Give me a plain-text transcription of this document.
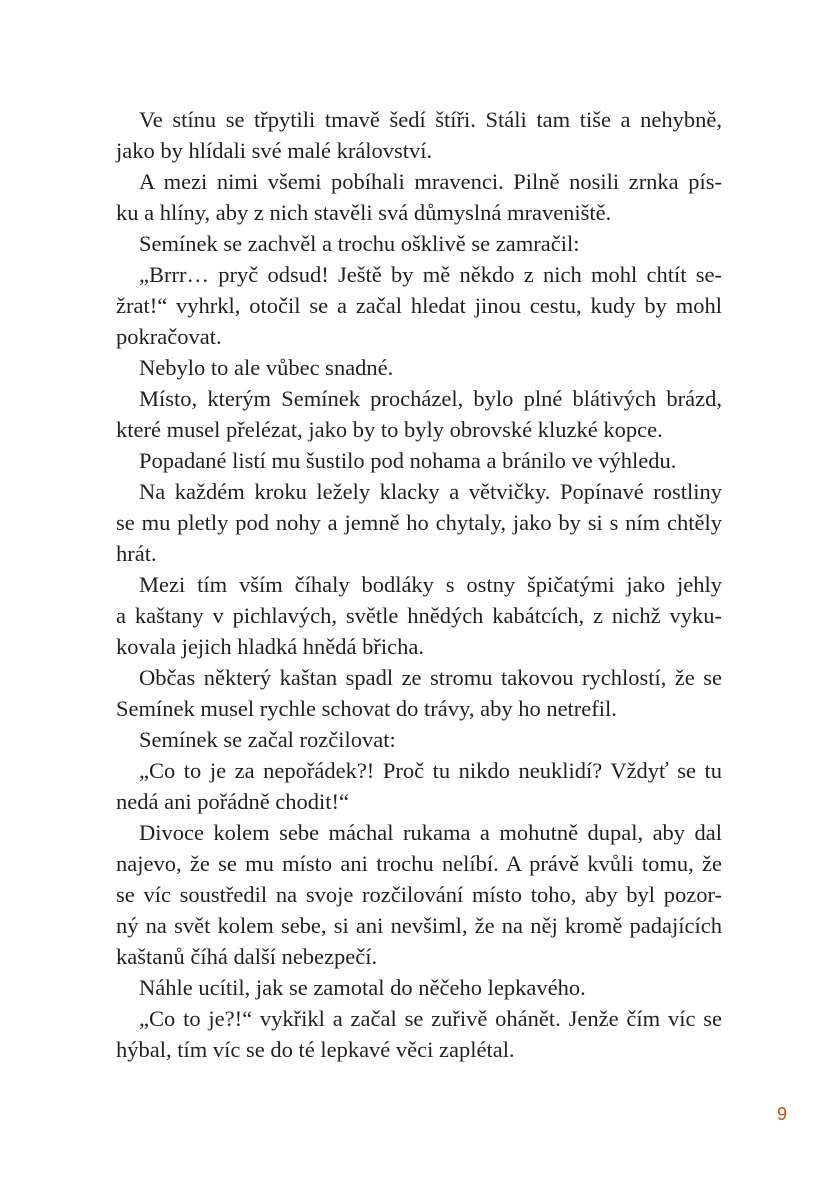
Ve stínu se třpytili tmavě šedí štíři. Stáli tam tiše a nehybně,
jako by hlídali své malé království.
A mezi nimi všemi pobíhali mravenci. Pilně nosili zrnka pís-
ku a hlíny, aby z nich stavěli svá důmyslná mraveniště.
Semínek se zachvěl a trochu ošklivě se zamračil:
„Brrr… pryč odsud! Ještě by mě někdo z nich mohl chtít se-
žrat!“ vyhrkl, otočil se a začal hledat jinou cestu, kudy by mohl
pokračovat.
Nebylo to ale vůbec snadné.
Místo, kterým Semínek procházel, bylo plné blátivých brázd,
které musel přelézat, jako by to byly obrovské kluzké kopce.
Popadané listí mu šustilo pod nohama a bránilo ve výhledu.
Na každém kroku ležely klacky a větvičky. Popínavé rostliny
se mu pletly pod nohy a jemně ho chytaly, jako by si s ním chtěly
hrát.
Mezi tím vším číhaly bodláky s ostny špičatými jako jehly
a kaštany v pichlavých, světle hnědých kabátcích, z nichž vyku-
kovala jejich hladká hnědá břicha.
Občas některý kaštan spadl ze stromu takovou rychlostí, že se
Semínek musel rychle schovat do trávy, aby ho netrefil.
Semínek se začal rozčilovat:
„Co to je za nepořádek?! Proč tu nikdo neuklidí? Vždyť se tu
nedá ani pořádně chodit!“
Divoce kolem sebe máchal rukama a mohutně dupal, aby dal
najevo, že se mu místo ani trochu nelíbí. A právě kvůli tomu, že
se víc soustředil na svoje rozčilování místo toho, aby byl pozor-
ný na svět kolem sebe, si ani nevšiml, že na něj kromě padajících
kaštanů číhá další nebezpečí.
Náhle ucítil, jak se zamotal do něčeho lepkavého.
„Co to je?!“ vykřikl a začal se zuřivě ohánět. Jenže čím víc se
hýbal, tím víc se do té lepkavé věci zaplétal.
9
